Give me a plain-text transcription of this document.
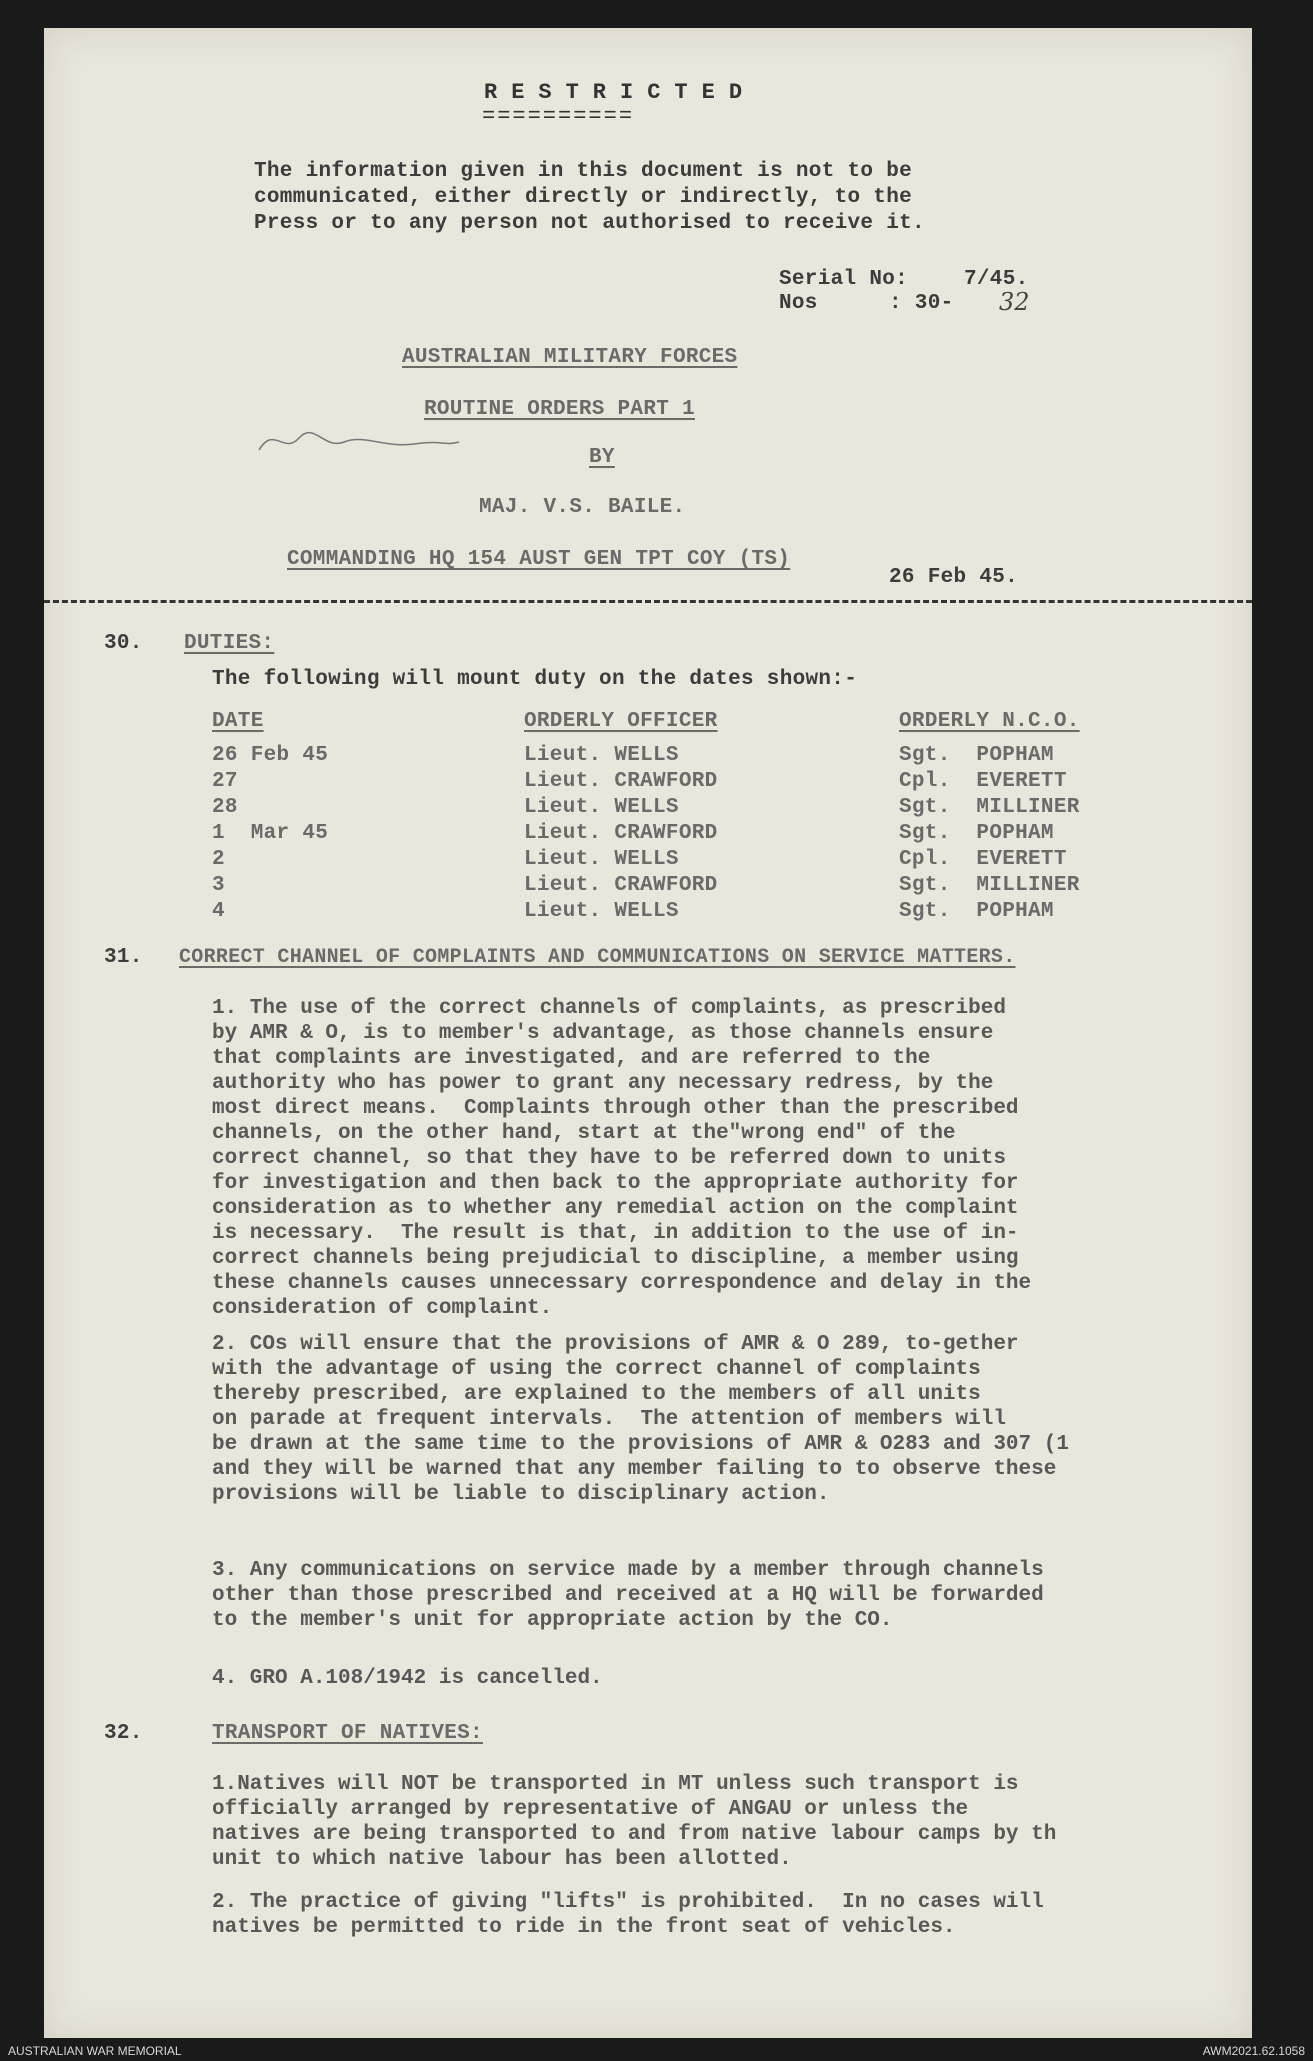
RESTRICTED
==========
The information given in this document is not to be
communicated, either directly or indirectly, to the
Press or to any person not authorised to receive it.
Serial No:	7/45.
Nos	: 30- 32
AUSTRALIAN MILITARY FORCES
ROUTINE ORDERS PART 1
BY
MAJ. V.S. BAILE.
COMMANDING HQ 154 AUST GEN TPT COY (TS)
26 Feb 45.
30. DUTIES:
The following will mount duty on the dates shown:-
DATE	ORDERLY OFFICER	ORDERLY N.C.O.
26 Feb 45	Lieut. WELLS	Sgt.  POPHAM
27	Lieut. CRAWFORD	Cpl.  EVERETT
28	Lieut. WELLS	Sgt.  MILLINER
1  Mar 45	Lieut. CRAWFORD	Sgt.  POPHAM
2	Lieut. WELLS	Cpl.  EVERETT
3	Lieut. CRAWFORD	Sgt.  MILLINER
4	Lieut. WELLS	Sgt.  POPHAM
31. CORRECT CHANNEL OF COMPLAINTS AND COMMUNICATIONS ON SERVICE MATTERS.
1. The use of the correct channels of complaints, as prescribed
by AMR & O, is to member's advantage, as those channels ensure
that complaints are investigated, and are referred to the
authority who has power to grant any necessary redress, by the
most direct means.  Complaints through other than the prescribed
channels, on the other hand, start at the"wrong end" of the
correct channel, so that they have to be referred down to units
for investigation and then back to the appropriate authority for
consideration as to whether any remedial action on the complaint
is necessary.  The result is that, in addition to the use of in-
correct channels being prejudicial to discipline, a member using
these channels causes unnecessary correspondence and delay in the
consideration of complaint.
2. COs will ensure that the provisions of AMR & O 289, to-gether
with the advantage of using the correct channel of complaints
thereby prescribed, are explained to the members of all units
on parade at frequent intervals.  The attention of members will
be drawn at the same time to the provisions of AMR & O283 and 307 (1
and they will be warned that any member failing to to observe these
provisions will be liable to disciplinary action.
3. Any communications on service made by a member through channels
other than those prescribed and received at a HQ will be forwarded
to the member's unit for appropriate action by the CO.
4. GRO A.108/1942 is cancelled.
32.	TRANSPORT OF NATIVES:
1.Natives will NOT be transported in MT unless such transport is
officially arranged by representative of ANGAU or unless the
natives are being transported to and from native labour camps by th
unit to which native labour has been allotted.
2. The practice of giving "lifts" is prohibited.  In no cases will
natives be permitted to ride in the front seat of vehicles.
AUSTRALIAN WAR MEMORIAL	AWM2021.62.1058
